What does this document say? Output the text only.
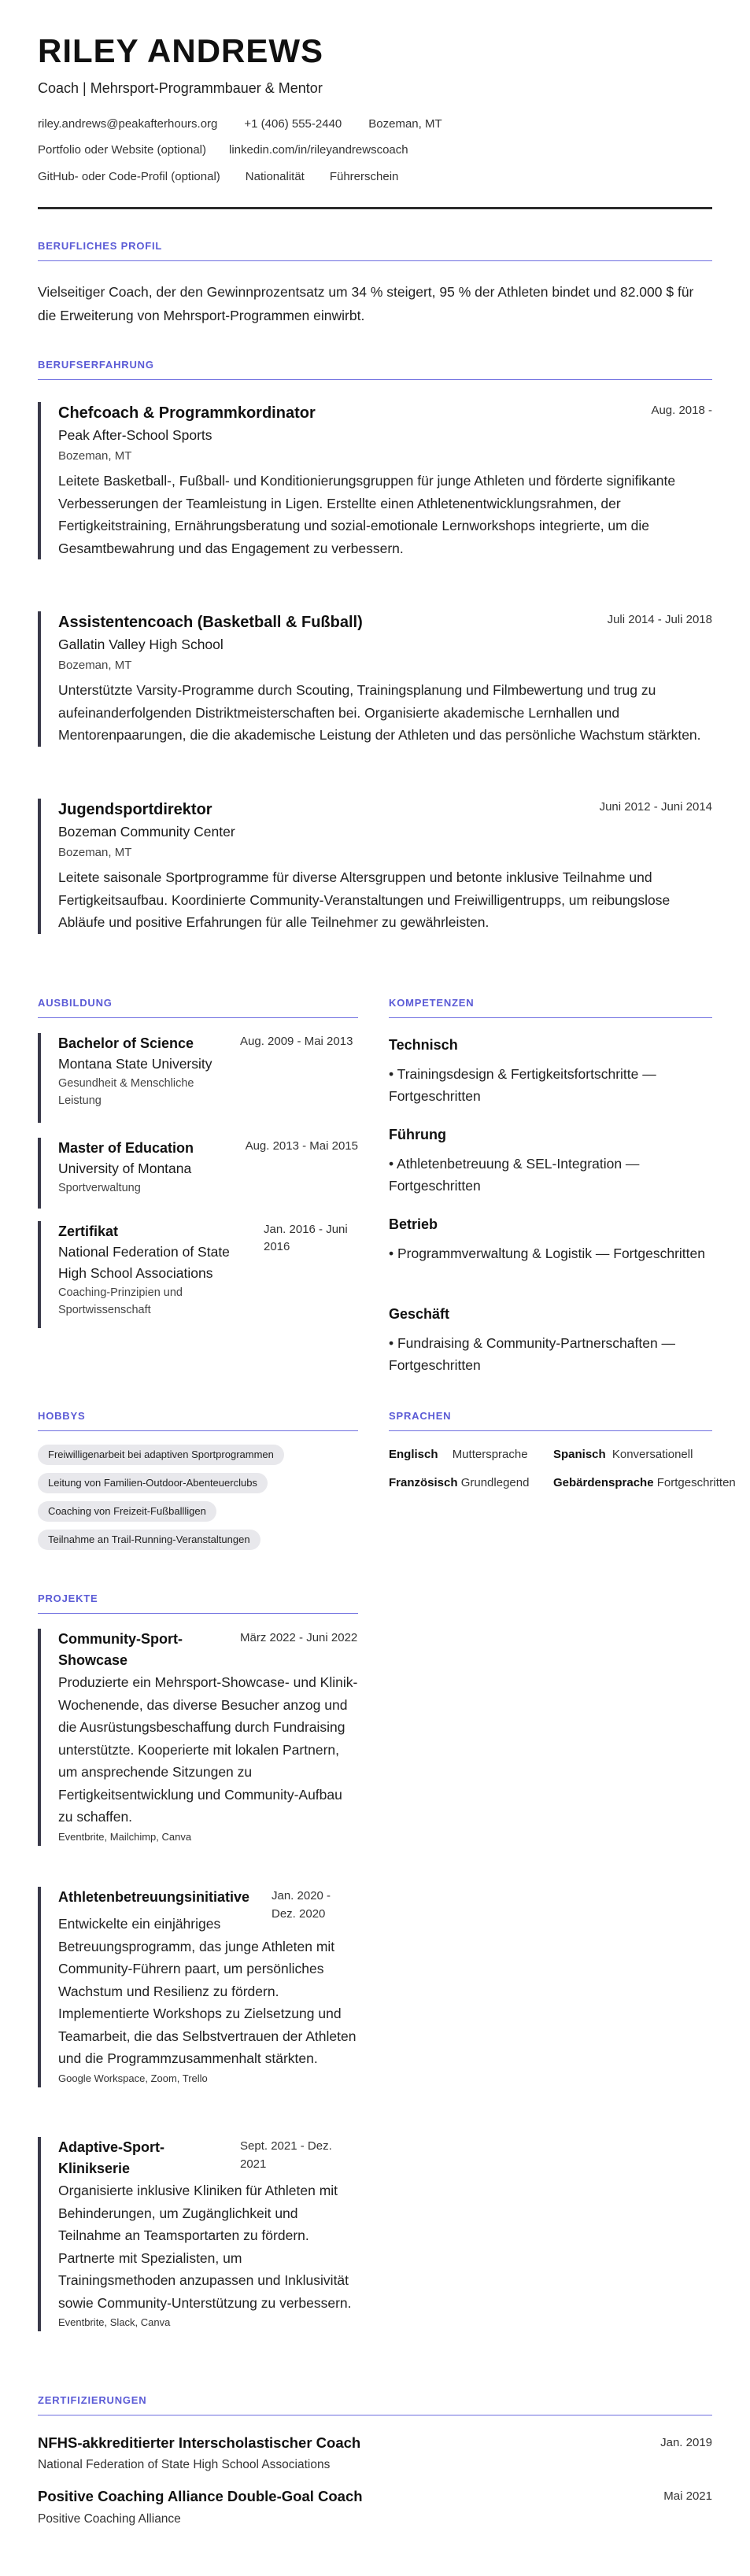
RILEY ANDREWS
Coach | Mehrsport-Programmbauer & Mentor
riley.andrews@peakafterhours.org +1 (406) 555-2440 Bozeman, MT
Portfolio oder Website (optional) linkedin.com/in/rileyandrewscoach
GitHub- oder Code-Profil (optional) Nationalität Führerschein
BERUFLICHES PROFIL
Vielseitiger Coach, der den Gewinnprozentsatz um 34 % steigert, 95 % der Athleten bindet und 82.000 $ für die Erweiterung von Mehrsport-Programmen einwirbt.
BERUFSERFAHRUNG
Chefcoach & Programmkordinator	Aug. 2018 -
Peak After-School Sports
Bozeman, MT
Leitete Basketball-, Fußball- und Konditionierungsgruppen für junge Athleten und förderte signifikante Verbesserungen der Teamleistung in Ligen. Erstellte einen Athletenentwicklungsrahmen, der Fertigkeitstraining, Ernährungsberatung und sozial-emotionale Lernworkshops integrierte, um die Gesamtbewahrung und das Engagement zu verbessern.
Assistentencoach (Basketball & Fußball)	Juli 2014 - Juli 2018
Gallatin Valley High School
Bozeman, MT
Unterstützte Varsity-Programme durch Scouting, Trainingsplanung und Filmbewertung und trug zu aufeinanderfolgenden Distriktmeisterschaften bei. Organisierte akademische Lernhallen und Mentorenpaarungen, die die akademische Leistung der Athleten und das persönliche Wachstum stärkten.
Jugendsportdirektor	Juni 2012 - Juni 2014
Bozeman Community Center
Bozeman, MT
Leitete saisonale Sportprogramme für diverse Altersgruppen und betonte inklusive Teilnahme und Fertigkeitsaufbau. Koordinierte Community-Veranstaltungen und Freiwilligentrupps, um reibungslose Abläufe und positive Erfahrungen für alle Teilnehmer zu gewährleisten.
AUSBILDUNG
Bachelor of Science
Montana State University
Gesundheit & Menschliche Leistung
Aug. 2009 - Mai 2013
Master of Education
University of Montana
Sportverwaltung
Aug. 2013 - Mai 2015
Zertifikat
National Federation of State High School Associations
Coaching-Prinzipien und Sportwissenschaft
Jan. 2016 - Juni 2016
KOMPETENZEN
Technisch
• Trainingsdesign & Fertigkeitsfortschritte — Fortgeschritten
Führung
• Athletenbetreuung & SEL-Integration — Fortgeschritten
Betrieb
• Programmverwaltung & Logistik — Fortgeschritten
Geschäft
• Fundraising & Community-Partnerschaften — Fortgeschritten
HOBBYS
Freiwilligenarbeit bei adaptiven Sportprogrammen
Leitung von Familien-Outdoor-Abenteuerclubs
Coaching von Freizeit-Fußballligen
Teilnahme an Trail-Running-Veranstaltungen
SPRACHEN
Englisch Muttersprache Spanisch Konversationell
Französisch Grundlegend Gebärdensprache Fortgeschritten
PROJEKTE
Community-Sport-Showcase
März 2022 - Juni 2022
Produzierte ein Mehrsport-Showcase- und Klinik-Wochenende, das diverse Besucher anzog und die Ausrüstungsbeschaffung durch Fundraising unterstützte. Kooperierte mit lokalen Partnern, um ansprechende Sitzungen zu Fertigkeitsentwicklung und Community-Aufbau zu schaffen.
Eventbrite, Mailchimp, Canva
Athletenbetreuungsinitiative	Jan. 2020 - Dez. 2020
Entwickelte ein einjähriges Betreuungsprogramm, das junge Athleten mit Community-Führern paart, um persönliches Wachstum und Resilienz zu fördern. Implementierte Workshops zu Zielsetzung und Teamarbeit, die das Selbstvertrauen der Athleten und die Programmzusammenhalt stärkten.
Google Workspace, Zoom, Trello
Adaptive-Sport-Klinikserie
Sept. 2021 - Dez. 2021
Organisierte inklusive Kliniken für Athleten mit Behinderungen, um Zugänglichkeit und Teilnahme an Teamsportarten zu fördern. Partnerte mit Spezialisten, um Trainingsmethoden anzupassen und Inklusivität sowie Community-Unterstützung zu verbessern.
Eventbrite, Slack, Canva
ZERTIFIZIERUNGEN
NFHS-akkreditierter Interscholastischer Coach	Jan. 2019
National Federation of State High School Associations
Positive Coaching Alliance Double-Goal Coach	Mai 2021
Positive Coaching Alliance
